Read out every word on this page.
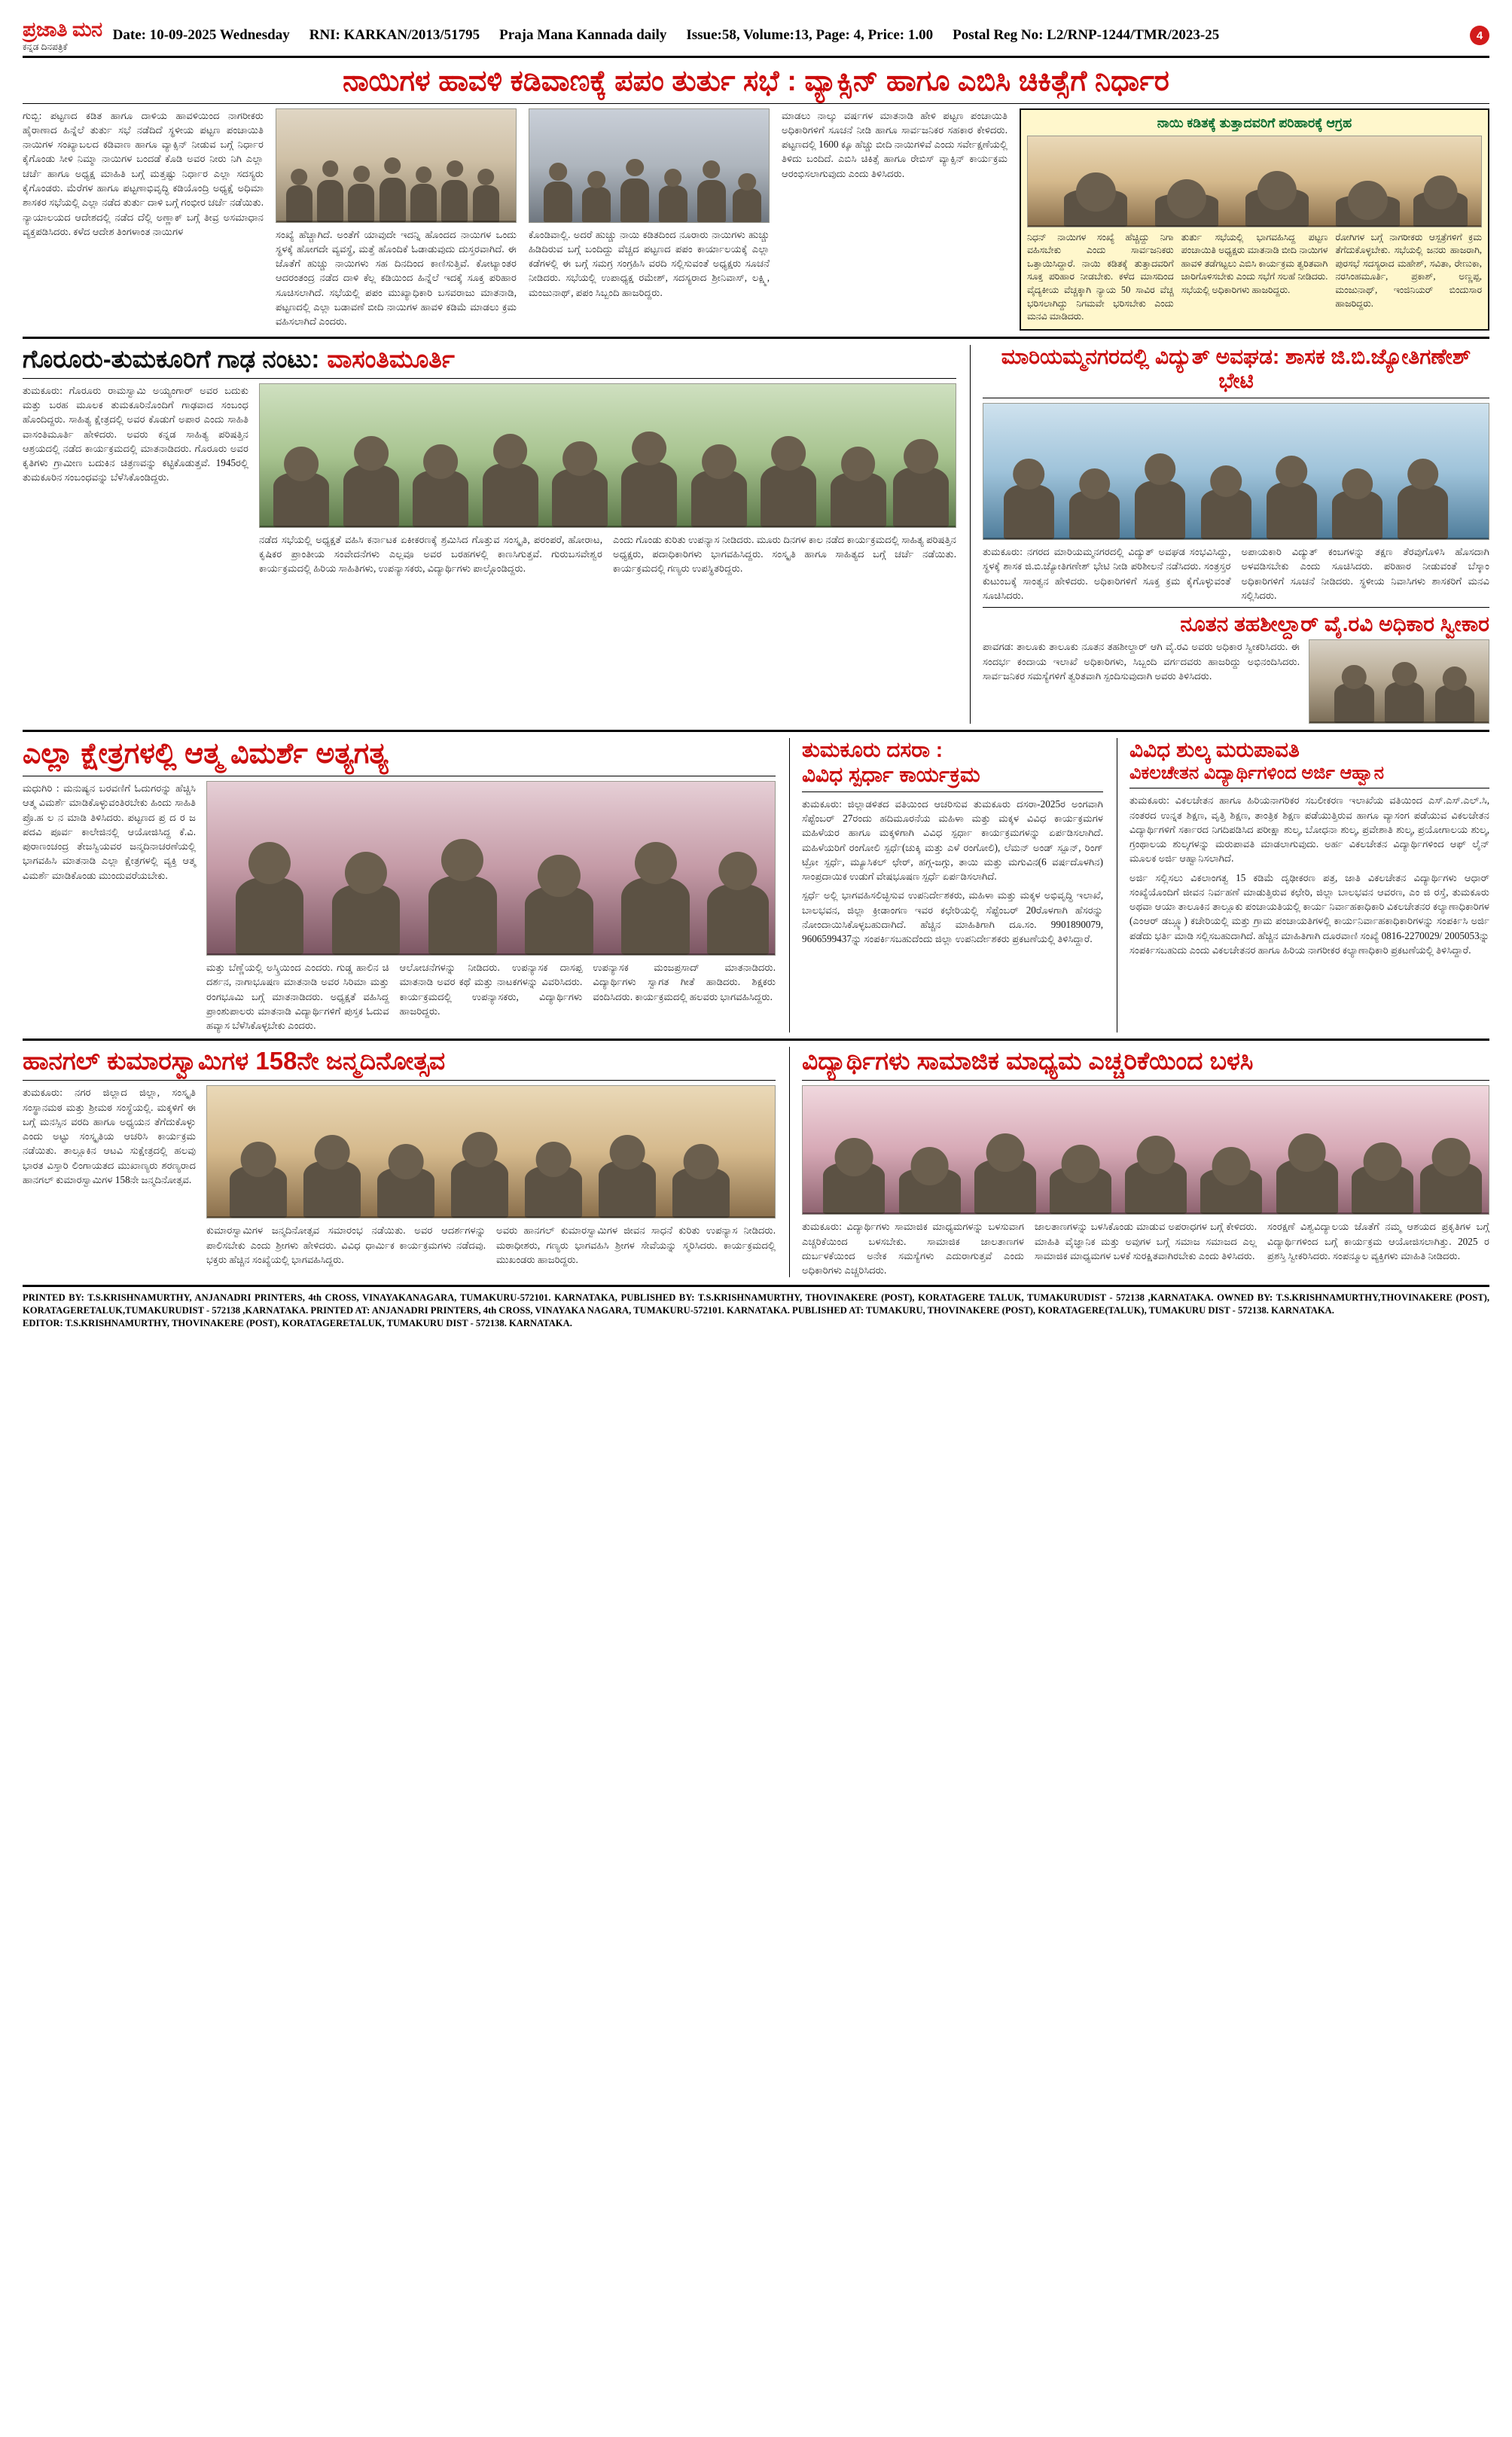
ಪ್ರಜಾತಿ ಮನ
ಕನ್ನಡ ದಿನಪತ್ರಿಕೆ
Date: 10-09-2025 Wednesday RNI: KARKAN/2013/51795 Praja Mana Kannada daily Issue:58, Volume:13, Page: 4, Price: 1.00 Postal Reg No: L2/RNP-1244/TMR/2023-25	4
ನಾಯಿಗಳ ಹಾವಳಿ ಕಡಿವಾಣಕ್ಕೆ ಪಪಂ ತುರ್ತು ಸಭೆ : ವ್ಯಾಕ್ಸಿನ್ ಹಾಗೂ ಎಬಿಸಿ ಚಿಕಿತ್ಸೆಗೆ ನಿರ್ಧಾರ
ಗುಬ್ಬಿ: ಪಟ್ಟಣದ ಕಡಿತ ಹಾಗೂ ದಾಳಿಯ ಹಾವಳಿಯಿಂದ ನಾಗರೀಕರು ಹೈರಾಣಾದ ಹಿನ್ನೆಲೆ ತುರ್ತು ಸಭೆ ನಡೆದಿದೆ ಸ್ಥಳೀಯ ಪಟ್ಟಣ ಪಂಚಾಯಿತಿ ನಾಯಿಗಳ ಸಂಖ್ಯಾಬಲದ ಕಡಿವಾಣ ಹಾಗೂ ವ್ಯಾಕ್ಸಿನ್ ನೀಡುವ ಬಗ್ಗೆ ನಿರ್ಧಾರ ಕೈಗೊಂಡು ಸೀಳಿ ನಿಮ್ಮಾ ನಾಯಿಗಳ ಬಂದಡೆ ಕೊಡಿ ಅವರ ನೀರು ನಿಗಿ ಎಲ್ಲಾ ಚರ್ಚೆ ಹಾಗೂ ಅಧ್ಯಕ್ಷ ಮಾಹಿತಿ ಬಗ್ಗೆ ಮತ್ತಷ್ಟು ನಿರ್ಧಾರ ಎಲ್ಲಾ ಸದಸ್ಯರು ಕೈಗೊಂಡರು. ಮೆರೆಗಳ ಹಾಗೂ ಪಟ್ಟಣಾಭಿವೃದ್ಧಿ ಕಡಿಯೊಂದ್ರಿ ಅಧ್ಯಕ್ಷೆ ಅಧಿಮಾ ಶಾಸಕರ ಸಭೆಯಲ್ಲಿ ಎಲ್ಲಾ ನಡೆದ ತುರ್ತು ದಾಳಿ ಬಗ್ಗೆ ಗಂಭೀರ ಚರ್ಚೆ ನಡೆಯಿತು. ನ್ಯಾಯಾಲಯದ ಆದೇಶದಲ್ಲಿ ನಡೆದ ದೆಲ್ಲಿ ಅಣ್ಣಾಕ್ ಬಗ್ಗೆ ತೀವ್ರ ಅಸಮಾಧಾನ ವ್ಯಕ್ತಪಡಿಸಿದರು. ಕಳೆದ ಆದೇಶ ತಿಂಗಳಾಂತ ನಾಯಿಗಳ	ಸಂಖ್ಯೆ ಹೆಚ್ಚಾಗಿದೆ. ಅಂತೆಗೆ ಯಾವುದೇ ಇದನ್ನಿ ಹೊಂದದ ನಾಯಿಗಳ ಒಂದು ಸ್ಥಳಕ್ಕೆ ಹೋಗದೇ ವ್ಯವಸ್ಥೆ, ಮತ್ತೆ ಹೊಂದಿಕೆ ಓಡಾಡುವುದು ದುಸ್ತರವಾಗಿದೆ. ಈ ಜೊತೆಗೆ ಹುಚ್ಚು ನಾಯಿಗಳು ಸಹ ದಿನದಿಂದ ಕಾಣಿಸುತ್ತಿವೆ. ಕೋಟ್ಯಾಂತರ ಆದರಂತಂದ್ರ ನಡೆದ ದಾಳಿ ಕೆಲ್ಲ ಕಡಿಯಿಂದ ಹಿನ್ನೆಲೆ ಇದಕ್ಕೆ ಸೂಕ್ತ ಪರಿಹಾರ ಸೂಚಿಸಲಾಗಿದೆ. ಸಭೆಯಲ್ಲಿ ಪಪಂ ಮುಖ್ಯಾಧಿಕಾರಿ ಬಸವರಾಜು ಮಾತನಾಡಿ, ಪಟ್ಟಣದಲ್ಲಿ ಎಲ್ಲಾ ಬಡಾವಣೆ ಬೀದಿ ನಾಯಿಗಳ ಹಾವಳಿ ಕಡಿಮೆ ಮಾಡಲು ಕ್ರಮ ವಹಿಸಲಾಗಿದೆ ಎಂದರು.
ಕೊಂಡಿವಾಲ್ಲಿ. ಅದರೆ ಹುಚ್ಚು ನಾಯಿ ಕಡಿತದಿಂದ ನೂರಾರು ನಾಯಿಗಳು ಹುಚ್ಚು ಹಿಡಿದಿರುವ ಬಗ್ಗೆ ಬಂದಿದ್ದು ವೆಚ್ಚದ ಪಟ್ಟಣದ ಪಪಂ ಕಾರ್ಯಾಲಯಕ್ಕೆ ಎಲ್ಲಾ ಕಡೆಗಳಲ್ಲಿ ಈ ಬಗ್ಗೆ ಸಮಗ್ರ ಸಂಗ್ರಹಿಸಿ ವರದಿ ಸಲ್ಲಿಸುವಂತೆ ಅಧ್ಯಕ್ಷರು ಸೂಚನೆ ನೀಡಿದರು. ಸಭೆಯಲ್ಲಿ ಉಪಾಧ್ಯಕ್ಷ ರಮೇಶ್, ಸದಸ್ಯರಾದ ಶ್ರೀನಿವಾಸ್, ಲಕ್ಷ್ಮಿ, ಮಂಜುನಾಥ್, ಪಪಂ ಸಿಬ್ಬಂದಿ ಹಾಜರಿದ್ದರು.
ಮಾಡಲು ನಾಲ್ಕು ವರ್ಷಗಳ ಮಾತನಾಡಿ ಹೇಳಿ ಪಟ್ಟಣ ಪಂಚಾಯಿತಿ ಅಧಿಕಾರಿಗಳಿಗೆ ಸೂಚನೆ ನೀಡಿ ಹಾಗೂ ಸಾರ್ವಜನಿಕರ ಸಹಕಾರ ಕೇಳಿದರು. ಪಟ್ಟಣದಲ್ಲಿ 1600 ಕ್ಕೂ ಹೆಚ್ಚು ಬೀದಿ ನಾಯಿಗಳಿವೆ ಎಂದು ಸರ್ವೇಕ್ಷಣೆಯಲ್ಲಿ ತಿಳಿದು ಬಂದಿದೆ. ಎಬಿಸಿ ಚಿಕಿತ್ಸೆ ಹಾಗೂ ರೇಬಿಸ್ ವ್ಯಾಕ್ಸಿನ್ ಕಾರ್ಯಕ್ರಮ ಆರಂಭಿಸಲಾಗುವುದು ಎಂದು ತಿಳಿಸಿದರು.
ನಾಯಿ ಕಡಿತಕ್ಕೆ ತುತ್ತಾದವರಿಗೆ ಪರಿಹಾರಕ್ಕೆ ಆಗ್ರಹ
ನಿಧನ್ ನಾಯಿಗಳ ಸಂಖ್ಯೆ ಹೆಚ್ಚಿದ್ದು ನಿಗಾ ವಹಿಸಬೇಕು ಎಂದು ಸಾರ್ವಜನಿಕರು ಒತ್ತಾಯಿಸಿದ್ದಾರೆ. ನಾಯಿ ಕಡಿತಕ್ಕೆ ತುತ್ತಾದವರಿಗೆ ಸೂಕ್ತ ಪರಿಹಾರ ನೀಡಬೇಕು. ಕಳೆದ ಮಾಸದಿಂದ ವೈದ್ಯಕೀಯ ವೆಚ್ಚಕ್ಕಾಗಿ ನ್ಯಾಯ 50 ಸಾವಿರ ವೆಚ್ಚ ಭರಿಸಲಾಗಿದ್ದು ನಿಗಮವೇ ಭರಿಸಬೇಕು ಎಂದು ಮನವಿ ಮಾಡಿದರು.
ತುರ್ತು ಸಭೆಯಲ್ಲಿ ಭಾಗವಹಿಸಿದ್ದ ಪಟ್ಟಣ ಪಂಚಾಯಿತಿ ಅಧ್ಯಕ್ಷರು ಮಾತನಾಡಿ ಬೀದಿ ನಾಯಿಗಳ ಹಾವಳಿ ತಡೆಗಟ್ಟಲು ಎಬಿಸಿ ಕಾರ್ಯಕ್ರಮ ತ್ವರಿತವಾಗಿ ಜಾರಿಗೊಳಿಸಬೇಕು ಎಂದು ಸಭೆಗೆ ಸಲಹೆ ನೀಡಿದರು. ಸಭೆಯಲ್ಲಿ ಅಧಿಕಾರಿಗಳು ಹಾಜರಿದ್ದರು.
ರೋಗಿಗಳ ಬಗ್ಗೆ ನಾಗರೀಕರು ಆಸ್ಪತ್ರೆಗಳಿಗೆ ಕ್ರಮ ತೆಗೆದುಕೊಳ್ಳಬೇಕು. ಸಭೆಯಲ್ಲಿ ಜನರು ಹಾಜರಾಗಿ, ಪುರಸಭೆ ಸದಸ್ಯರಾದ ಮಹೇಶ್, ಸವಿತಾ, ರೇಣುಕಾ, ನರಸಿಂಹಮೂರ್ತಿ, ಪ್ರಕಾಶ್, ಅಣ್ಣಪ್ಪ, ಮಂಜುನಾಥ್, ಇಂಜಿನಿಯರ್ ಬಿಂದುಸಾರ ಹಾಜರಿದ್ದರು.
ಗೊರೂರು-ತುಮಕೂರಿಗೆ ಗಾಢ ನಂಟು: ವಾಸಂತಿಮೂರ್ತಿ
ತುಮಕೂರು: ಗೊರೂರು ರಾಮಸ್ವಾಮಿ ಅಯ್ಯಂಗಾರ್ ಅವರ ಬದುಕು ಮತ್ತು ಬರಹ ಮೂಲಕ ತುಮಕೂರಿನೊಂದಿಗೆ ಗಾಢವಾದ ಸಂಬಂಧ ಹೊಂದಿದ್ದರು. ಸಾಹಿತ್ಯ ಕ್ಷೇತ್ರದಲ್ಲಿ ಅವರ ಕೊಡುಗೆ ಅಪಾರ ಎಂದು ಸಾಹಿತಿ ವಾಸಂತಿಮೂರ್ತಿ ಹೇಳಿದರು. ಅವರು ಕನ್ನಡ ಸಾಹಿತ್ಯ ಪರಿಷತ್ತಿನ ಆಶ್ರಯದಲ್ಲಿ ನಡೆದ ಕಾರ್ಯಕ್ರಮದಲ್ಲಿ ಮಾತನಾಡಿದರು. ಗೊರೂರು ಅವರ ಕೃತಿಗಳು ಗ್ರಾಮೀಣ ಬದುಕಿನ ಚಿತ್ರಣವನ್ನು ಕಟ್ಟಿಕೊಡುತ್ತವೆ. 1945ರಲ್ಲಿ ತುಮಕೂರಿನ ಸಂಬಂಧವನ್ನು ಬೆಳೆಸಿಕೊಂಡಿದ್ದರು.
ನಡೆದ ಸಭೆಯಲ್ಲಿ ಅಧ್ಯಕ್ಷತೆ ವಹಿಸಿ ಕರ್ನಾಟಕ ಏಕೀಕರಣಕ್ಕೆ ಶ್ರಮಿಸಿದ ಗೊತ್ತುವ ಸಂಸ್ಕೃತಿ, ಪರಂಪರೆ, ಹೋರಾಟ, ಕೃಷಿಕರ ಪ್ರಾಂತೀಯ ಸಂವೇದನೆಗಳು ಎಲ್ಲವೂ ಅವರ ಬರಹಗಳಲ್ಲಿ ಕಾಣಸಿಗುತ್ತವೆ. ಗುರುಬಸವೇಶ್ವರ ಕಾರ್ಯಕ್ರಮದಲ್ಲಿ ಹಿರಿಯ ಸಾಹಿತಿಗಳು, ಉಪನ್ಯಾಸಕರು, ವಿದ್ಯಾರ್ಥಿಗಳು ಪಾಲ್ಗೊಂಡಿದ್ದರು.
ಎಂದು ಗೊಂಡು ಕುರಿತು ಉಪನ್ಯಾಸ ನೀಡಿದರು. ಮೂರು ದಿನಗಳ ಕಾಲ ನಡೆದ ಕಾರ್ಯಕ್ರಮದಲ್ಲಿ ಸಾಹಿತ್ಯ ಪರಿಷತ್ತಿನ ಅಧ್ಯಕ್ಷರು, ಪದಾಧಿಕಾರಿಗಳು ಭಾಗವಹಿಸಿದ್ದರು. ಸಂಸ್ಕೃತಿ ಹಾಗೂ ಸಾಹಿತ್ಯದ ಬಗ್ಗೆ ಚರ್ಚೆ ನಡೆಯಿತು. ಕಾರ್ಯಕ್ರಮದಲ್ಲಿ ಗಣ್ಯರು ಉಪಸ್ಥಿತರಿದ್ದರು.
ಮಾರಿಯಮ್ಮನಗರದಲ್ಲಿ ವಿದ್ಯುತ್ ಅವಘಡ: ಶಾಸಕ ಜಿ.ಬಿ.ಜ್ಯೋತಿಗಣೇಶ್ ಭೇಟಿ
ತುಮಕೂರು: ನಗರದ ಮಾರಿಯಮ್ಮನಗರದಲ್ಲಿ ವಿದ್ಯುತ್ ಅವಘಡ ಸಂಭವಿಸಿದ್ದು, ಸ್ಥಳಕ್ಕೆ ಶಾಸಕ ಜಿ.ಬಿ.ಜ್ಯೋತಿಗಣೇಶ್ ಭೇಟಿ ನೀಡಿ ಪರಿಶೀಲನೆ ನಡೆಸಿದರು. ಸಂತ್ರಸ್ತರ ಕುಟುಂಬಕ್ಕೆ ಸಾಂತ್ವನ ಹೇಳಿದರು. ಅಧಿಕಾರಿಗಳಿಗೆ ಸೂಕ್ತ ಕ್ರಮ ಕೈಗೊಳ್ಳುವಂತೆ ಸೂಚಿಸಿದರು.
ಅಪಾಯಕಾರಿ ವಿದ್ಯುತ್ ಕಂಬಗಳನ್ನು ತಕ್ಷಣ ತೆರವುಗೊಳಿಸಿ ಹೊಸದಾಗಿ ಅಳವಡಿಸಬೇಕು ಎಂದು ಸೂಚಿಸಿದರು. ಪರಿಹಾರ ನೀಡುವಂತೆ ಬೆಸ್ಕಾಂ ಅಧಿಕಾರಿಗಳಿಗೆ ಸೂಚನೆ ನೀಡಿದರು. ಸ್ಥಳೀಯ ನಿವಾಸಿಗಳು ಶಾಸಕರಿಗೆ ಮನವಿ ಸಲ್ಲಿಸಿದರು.
ನೂತನ ತಹಶೀಲ್ದಾರ್ ವೈ.ರವಿ ಅಧಿಕಾರ ಸ್ವೀಕಾರ
ಪಾವಗಡ: ತಾಲೂಕು ತಾಲೂಕು ನೂತನ ತಹಶೀಲ್ದಾರ್ ಆಗಿ ವೈ.ರವಿ ಅವರು ಅಧಿಕಾರ ಸ್ವೀಕರಿಸಿದರು. ಈ ಸಂದರ್ಭ ಕಂದಾಯ ಇಲಾಖೆ ಅಧಿಕಾರಿಗಳು, ಸಿಬ್ಬಂದಿ ವರ್ಗದವರು ಹಾಜರಿದ್ದು ಅಭಿನಂದಿಸಿದರು. ಸಾರ್ವಜನಿಕರ ಸಮಸ್ಯೆಗಳಿಗೆ ತ್ವರಿತವಾಗಿ ಸ್ಪಂದಿಸುವುದಾಗಿ ಅವರು ತಿಳಿಸಿದರು.
ಎಲ್ಲಾ ಕ್ಷೇತ್ರಗಳಲ್ಲಿ ಆತ್ಮ ವಿಮರ್ಶೆ ಅತ್ಯಗತ್ಯ
ಮಧುಗಿರಿ : ಮನುಷ್ಯನ ಬರವಣಿಗೆ ಓದುಗರನ್ನು ಹೆಚ್ಚಿಸಿ ಆತ್ಮ ವಿಮರ್ಶೆ ಮಾಡಿಕೊಳ್ಳುವಂತಿರಬೇಕು ಹಿಂದು ಸಾಹಿತಿ ಪ್ರೊ.ಹ ಲ ನ ಮಾಡಿ ತಿಳಿಸಿದರು. ಪಟ್ಟಣದ ಪ್ರ ದ ರ ಜ ಪದವಿ ಪೂರ್ವ ಕಾಲೇಜಿನಲ್ಲಿ ಆಯೋಜಿಸಿದ್ದ ಕೆ.ವಿ. ಪುರಾಣಂಚಂದ್ರ ತೇಜಸ್ವಿಯವರ ಜನ್ಮದಿನಾಚರಣೆಯಲ್ಲಿ ಭಾಗವಹಿಸಿ ಮಾತನಾಡಿ ಎಲ್ಲಾ ಕ್ಷೇತ್ರಗಳಲ್ಲಿ ವ್ಯಕ್ತಿ ಆತ್ಮ ವಿಮರ್ಶೆ ಮಾಡಿಕೊಂಡು ಮುಂದುವರೆಯಬೇಕು.
ಮತ್ತು ಬೆಣ್ಣೆಯಲ್ಲಿ ಅಸ್ಕ್ರಿಯಿಂದ ಎಂದರು. ಗುಡ್ಡ ಹಾಲಿನ ಚಿ ದರ್ಶನ, ನಾಗಾಭೂಷಣ ಮಾತನಾಡಿ ಅವರ ಸಿರಿಮಾ ಮತ್ತು ರಂಗಭೂಮಿ ಬಗ್ಗೆ ಮಾತನಾಡಿದರು. ಅಧ್ಯಕ್ಷತೆ ವಹಿಸಿದ್ದ ಪ್ರಾಂಶುಪಾಲರು ಮಾತನಾಡಿ ವಿದ್ಯಾರ್ಥಿಗಳಿಗೆ ಪುಸ್ತಕ ಓದುವ ಹವ್ಯಾಸ ಬೆಳೆಸಿಕೊಳ್ಳಬೇಕು ಎಂದರು.
ಆಲೋಚನೆಗಳನ್ನು ನೀಡಿದರು. ಉಪನ್ಯಾಸಕ ದಾಸಪ್ಪ ಮಾತನಾಡಿ ಅವರ ಕಥೆ ಮತ್ತು ನಾಟಕಗಳನ್ನು ವಿವರಿಸಿದರು. ಕಾರ್ಯಕ್ರಮದಲ್ಲಿ ಉಪನ್ಯಾಸಕರು, ವಿದ್ಯಾರ್ಥಿಗಳು ಹಾಜರಿದ್ದರು.
ಉಪನ್ಯಾಸಕ ಮಂಜಪ್ರಸಾದ್ ಮಾತನಾಡಿದರು. ವಿದ್ಯಾರ್ಥಿಗಳು ಸ್ವಾಗತ ಗೀತೆ ಹಾಡಿದರು. ಶಿಕ್ಷಕರು ವಂದಿಸಿದರು. ಕಾರ್ಯಕ್ರಮದಲ್ಲಿ ಹಲವರು ಭಾಗವಹಿಸಿದ್ದರು.
ತುಮಕೂರು ದಸರಾ :
ವಿವಿಧ ಸ್ಪರ್ಧಾ ಕಾರ್ಯಕ್ರಮ
ತುಮಕೂರು: ಜಿಲ್ಲಾಡಳಿತದ ವತಿಯಿಂದ ಆಚರಿಸುವ ತುಮಕೂರು ದಸರಾ-2025ರ ಅಂಗವಾಗಿ ಸೆಪ್ಟೆಂಬರ್ 27ರಂದು ಹದಿಮೂರನೆಯ ಮಹಿಳಾ ಮತ್ತು ಮಕ್ಕಳ ವಿವಿಧ ಕಾರ್ಯಕ್ರಮಗಳ ಮಹಿಳೆಯರ ಹಾಗೂ ಮಕ್ಕಳಿಗಾಗಿ ವಿವಿಧ ಸ್ಪರ್ಧಾ ಕಾರ್ಯಕ್ರಮಗಳನ್ನು ಏರ್ಪಡಿಸಲಾಗಿದೆ. ಮಹಿಳೆಯರಿಗೆ ರಂಗೋಲಿ ಸ್ಪರ್ಧೆ(ಚುಕ್ಕಿ ಮತ್ತು ಎಳೆ ರಂಗೋಲಿ), ಲೆಮನ್ ಅಂಡ್ ಸ್ಪೂನ್, ರಿಂಗ್ ಟ್ರೋ ಸ್ಪರ್ಧೆ, ಮ್ಯೂಸಿಕಲ್ ಛೇರ್, ಹಗ್ಗ-ಜಗ್ಗು, ತಾಯಿ ಮತ್ತು ಮಗುವಿನ(6 ವರ್ಷದೊಳಗಿನ) ಸಾಂಪ್ರದಾಯಿಕ ಉಡುಗೆ ವೇಷಭೂಷಣ ಸ್ಪರ್ಧೆ ಏರ್ಪಡಿಸಲಾಗಿದೆ.
ಸ್ಪರ್ಧೆ ಅಲ್ಲಿ ಭಾಗವಹಿಸಲಿಚ್ಛಿಸುವ ಉಪನಿರ್ದೇಶಕರು, ಮಹಿಳಾ ಮತ್ತು ಮಕ್ಕಳ ಅಭಿವೃದ್ಧಿ ಇಲಾಖೆ, ಬಾಲಭವನ, ಜಿಲ್ಲಾ ಕ್ರೀಡಾಂಗಣ ಇವರ ಕಛೇರಿಯಲ್ಲಿ ಸೆಪ್ಟೆಂಬರ್ 20ರೊಳಗಾಗಿ ಹೆಸರನ್ನು ನೋಂದಾಯಿಸಿಕೊಳ್ಳಬಹುದಾಗಿದೆ. ಹೆಚ್ಚಿನ ಮಾಹಿತಿಗಾಗಿ ದೂ.ಸಂ. 9901890079, 9606599437ನ್ನು ಸಂಪರ್ಕಿಸಬಹುದೆಂದು ಜಿಲ್ಲಾ ಉಪನಿರ್ದೇಶಕರು ಪ್ರಕಟಣೆಯಲ್ಲಿ ತಿಳಿಸಿದ್ದಾರೆ.
ವಿವಿಧ ಶುಲ್ಕ ಮರುಪಾವತಿ
ವಿಕಲಚೇತನ ವಿದ್ಯಾರ್ಥಿಗಳಿಂದ ಅರ್ಜಿ ಆಹ್ವಾನ
ತುಮಕೂರು: ವಿಕಲಚೇತನ ಹಾಗೂ ಹಿರಿಯನಾಗರಿಕರ ಸಬಲೀಕರಣ ಇಲಾಖೆಯ ವತಿಯಿಂದ ಎಸ್.ಎಸ್.ಎಲ್.ಸಿ, ನಂತರದ ಉನ್ನತ ಶಿಕ್ಷಣ, ವೃತ್ತಿ ಶಿಕ್ಷಣ, ತಾಂತ್ರಿಕ ಶಿಕ್ಷಣ ಪಡೆಯುತ್ತಿರುವ ಹಾಗೂ ವ್ಯಾಸಂಗ ಪಡೆಯುವ ವಿಕಲಚೇತನ ವಿದ್ಯಾರ್ಥಿಗಳಿಗೆ ಸರ್ಕಾರದ ನಿಗದಿಪಡಿಸಿದ ಪರೀಕ್ಷಾ ಶುಲ್ಕ, ಬೋಧನಾ ಶುಲ್ಕ, ಪ್ರವೇಶಾತಿ ಶುಲ್ಕ, ಪ್ರಯೋಗಾಲಯ ಶುಲ್ಕ, ಗ್ರಂಥಾಲಯ ಶುಲ್ಕಗಳನ್ನು ಮರುಪಾವತಿ ಮಾಡಲಾಗುವುದು. ಅರ್ಹ ವಿಕಲಚೇತನ ವಿದ್ಯಾರ್ಥಿಗಳಿಂದ ಆಫ್ ಲೈನ್ ಮೂಲಕ ಅರ್ಜಿ ಆಹ್ವಾನಿಸಲಾಗಿದೆ.
ಅರ್ಜಿ ಸಲ್ಲಿಸಲು ವಿಕಲಾಂಗತ್ವ 15 ಕಡಿಮೆ ದೃಢೀಕರಣ ಪತ್ರ, ಜಾತಿ ವಿಕಲಚೇತನ ವಿದ್ಯಾರ್ಥಿಗಳು ಆಧಾರ್ ಸಂಖ್ಯೆಯೊಂದಿಗೆ ಜೀವನ ನಿರ್ವಹಣೆ ಮಾಡುತ್ತಿರುವ ಕಛೇರಿ, ಜಿಲ್ಲಾ ಬಾಲಭವನ ಆವರಣ, ಎಂ ಜಿ ರಸ್ತೆ, ತುಮಕೂರು ಅಥವಾ ಆಯಾ ತಾಲೂಕಿನ ತಾಲ್ಲೂಕು ಪಂಚಾಯತಿಯಲ್ಲಿ ಕಾರ್ಯ ನಿರ್ವಾಹಕಾಧಿಕಾರಿ ವಿಕಲಚೇತನರ ಕಲ್ಯಾಣಾಧಿಕಾರಿಗಳ (ಎಂಆರ್ ಡಬ್ಲ್ಯೂ) ಕಚೇರಿಯಲ್ಲಿ ಮತ್ತು ಗ್ರಾಮ ಪಂಚಾಯತಿಗಳಲ್ಲಿ ಕಾರ್ಯನಿರ್ವಾಹಕಾಧಿಕಾರಿಗಳನ್ನು ಸಂಪರ್ಕಿಸಿ ಅರ್ಜಿ ಪಡೆದು ಭರ್ತಿ ಮಾಡಿ ಸಲ್ಲಿಸಬಹುದಾಗಿದೆ. ಹೆಚ್ಚಿನ ಮಾಹಿತಿಗಾಗಿ ದೂರವಾಣಿ ಸಂಖ್ಯೆ 0816-2270029/ 2005053ನ್ನು ಸಂಪರ್ಕಿಸಬಹುದು ಎಂದು ವಿಕಲಚೇತನರ ಹಾಗೂ ಹಿರಿಯ ನಾಗರೀಕರ ಕಲ್ಯಾಣಾಧಿಕಾರಿ ಪ್ರಕಟಣೆಯಲ್ಲಿ ತಿಳಿಸಿದ್ದಾರೆ.
ಹಾನಗಲ್ ಕುಮಾರಸ್ವಾಮಿಗಳ 158ನೇ ಜನ್ಮದಿನೋತ್ಸವ
ತುಮಕೂರು: ನಗರ ಜಿಲ್ಲಾದ ಜಿಲ್ಲಾ, ಸಂಸ್ಕೃತಿ ಸಂಸ್ಥಾನಮಠ ಮತ್ತು ಶ್ರೀಮಠ ಸಂಸ್ಥೆಯಲ್ಲಿ. ಮಕ್ಕಳಿಗೆ ಈ ಬಗ್ಗೆ ಮನಸ್ಸಿನ ವರದಿ ಹಾಗೂ ಅಧ್ಯಯನ ತೆಗೆದುಕೊಳ್ಳು ಎಂದು ಅಟ್ಟು ಸಂಸ್ಕೃತಿಯ ಆಚರಿಸಿ ಕಾರ್ಯಕ್ರಮ ನಡೆಯಿತು. ತಾಲ್ಲೂಕಿನ ಆಟವಿ ಸುಕ್ಷೇತ್ರದಲ್ಲಿ ಹಲವು ಭಾರತ ವಿಸ್ತಾರಿ ಲಿಂಗಾಯತದ ಮುಖಾಣ್ಯರು ಶರಣ್ಯರಾದ ಹಾನಗಲ್ ಕುಮಾರಸ್ವಾಮಿಗಳ 158ನೇ ಜನ್ಮದಿನೋತ್ಸವ.
ಕುಮಾರಸ್ವಾಮಿಗಳ ಜನ್ಮದಿನೋತ್ಸವ ಸಮಾರಂಭ ನಡೆಯಿತು. ಅವರ ಆದರ್ಶಗಳನ್ನು ಪಾಲಿಸಬೇಕು ಎಂದು ಶ್ರೀಗಳು ಹೇಳಿದರು. ವಿವಿಧ ಧಾರ್ಮಿಕ ಕಾರ್ಯಕ್ರಮಗಳು ನಡೆದವು. ಭಕ್ತರು ಹೆಚ್ಚಿನ ಸಂಖ್ಯೆಯಲ್ಲಿ ಭಾಗವಹಿಸಿದ್ದರು.
ಅವರು ಹಾನಗಲ್ ಕುಮಾರಸ್ವಾಮಿಗಳ ಜೀವನ ಸಾಧನೆ ಕುರಿತು ಉಪನ್ಯಾಸ ನೀಡಿದರು. ಮಠಾಧೀಶರು, ಗಣ್ಯರು ಭಾಗವಹಿಸಿ ಶ್ರೀಗಳ ಸೇವೆಯನ್ನು ಸ್ಮರಿಸಿದರು. ಕಾರ್ಯಕ್ರಮದಲ್ಲಿ ಮುಖಂಡರು ಹಾಜರಿದ್ದರು.
ವಿದ್ಯಾರ್ಥಿಗಳು ಸಾಮಾಜಿಕ ಮಾಧ್ಯಮ ಎಚ್ಚರಿಕೆಯಿಂದ ಬಳಸಿ
ತುಮಕೂರು: ವಿದ್ಯಾರ್ಥಿಗಳು ಸಾಮಾಜಿಕ ಮಾಧ್ಯಮಗಳನ್ನು ಬಳಸುವಾಗ ಎಚ್ಚರಿಕೆಯಿಂದ ಬಳಸಬೇಕು. ಸಾಮಾಜಿಕ ಜಾಲತಾಣಗಳ ದುರ್ಬಳಕೆಯಿಂದ ಅನೇಕ ಸಮಸ್ಯೆಗಳು ಎದುರಾಗುತ್ತವೆ ಎಂದು ಅಧಿಕಾರಿಗಳು ಎಚ್ಚರಿಸಿದರು.
ಜಾಲತಾಣಗಳನ್ನು ಬಳಸಿಕೊಂಡು ಮಾಡುವ ಅಪರಾಧಗಳ ಬಗ್ಗೆ ಕೇಳಿದರು. ಮಾಹಿತಿ ವೈಜ್ಞಾನಿಕ ಮತ್ತು ಅವುಗಳ ಬಗ್ಗೆ ಸಮಾಜ ಸಮಾಜದ ಎಲ್ಲ ಸಾಮಾಜಿಕ ಮಾಧ್ಯಮಗಳ ಬಳಕೆ ಸುರಕ್ಷಿತವಾಗಿರಬೇಕು ಎಂದು ತಿಳಿಸಿದರು.
ಸಂರಕ್ಷಣೆ ವಿಶ್ವವಿದ್ಯಾಲಯ ಜೊತೆಗೆ ನಮ್ಮ ಆಶಯದ ಪ್ರಕೃತಿಗಳ ಬಗ್ಗೆ ವಿದ್ಯಾರ್ಥಿಗಳಿಂದ ಬಗ್ಗೆ ಕಾರ್ಯಕ್ರಮ ಆಯೋಜಿಸಲಾಗಿತ್ತು. 2025 ರ ಪ್ರಶಸ್ತಿ ಸ್ವೀಕರಿಸಿದರು. ಸಂಪನ್ಮೂಲ ವ್ಯಕ್ತಿಗಳು ಮಾಹಿತಿ ನೀಡಿದರು.
PRINTED BY: T.S.KRISHNAMURTHY, ANJANADRI PRINTERS, 4th CROSS, VINAYAKANAGARA, TUMAKURU-572101. KARNATAKA, PUBLISHED BY: T.S.KRISHNAMURTHY, THOVINAKERE (POST), KORATAGERE TALUK, TUMAKURUDIST - 572138 ,KARNATAKA. OWNED BY: T.S.KRISHNAMURTHY,THOVINAKERE (POST), KORATAGERETALUK,TUMAKURUDIST - 572138 ,KARNATAKA. PRINTED AT: ANJANADRI PRINTERS, 4th CROSS, VINAYAKA NAGARA, TUMAKURU-572101. KARNATAKA. PUBLISHED AT: TUMAKURU, THOVINAKERE (POST), KORATAGERE(TALUK), TUMAKURU DIST - 572138. KARNATAKA.
EDITOR: T.S.KRISHNAMURTHY, THOVINAKERE (POST), KORATAGERETALUK, TUMAKURU DIST - 572138. KARNATAKA.
